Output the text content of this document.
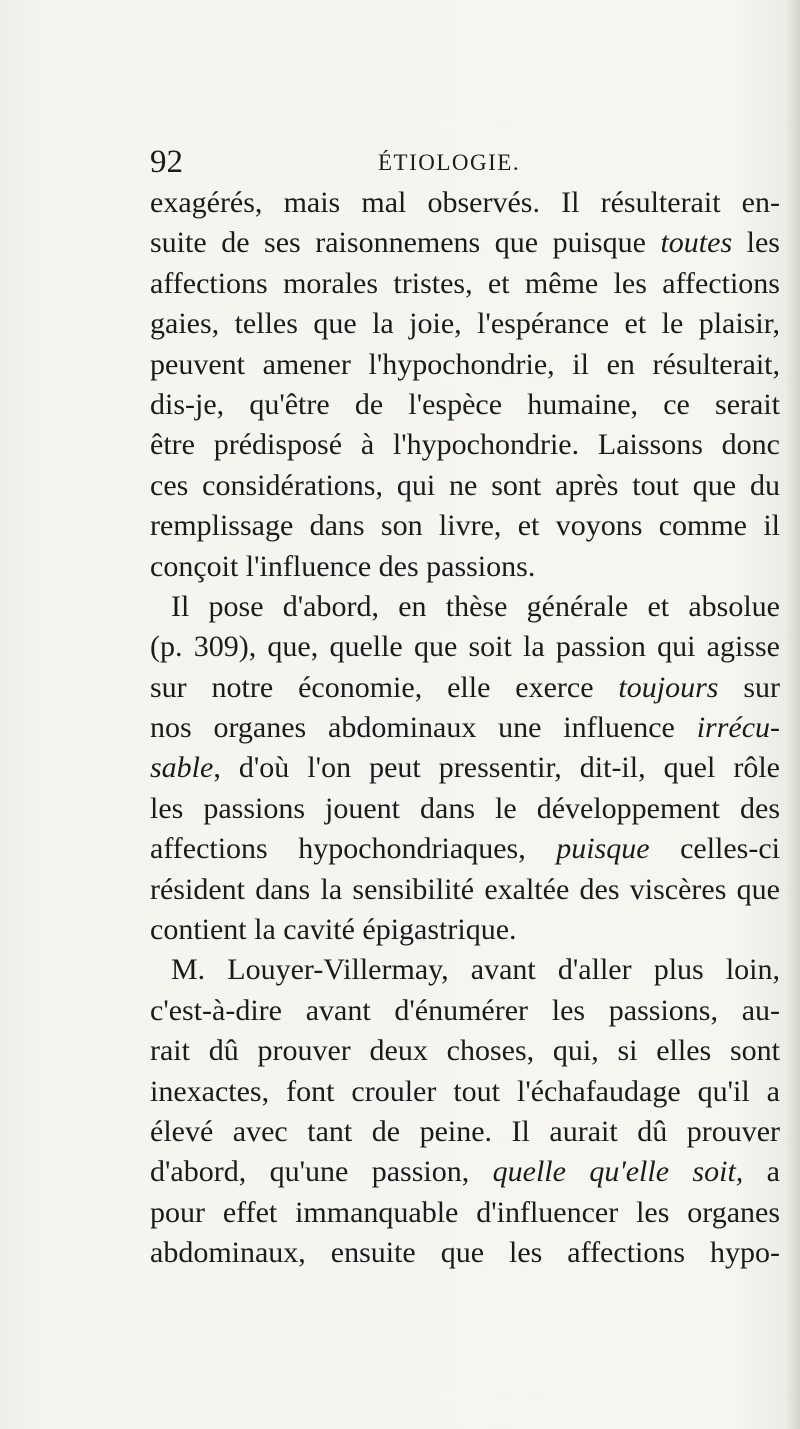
92	ÉTIOLOGIE.
exagérés, mais mal observés. Il résulterait en-
suite de ses raisonnemens que puisque toutes les
affections morales tristes, et même les affections
gaies, telles que la joie, l'espérance et le plaisir,
peuvent amener l'hypochondrie, il en résulterait,
dis-je, qu'être de l'espèce humaine, ce serait
être prédisposé à l'hypochondrie. Laissons donc
ces considérations, qui ne sont après tout que du
remplissage dans son livre, et voyons comme il
conçoit l'influence des passions.
Il pose d'abord, en thèse générale et absolue
(p. 309), que, quelle que soit la passion qui agisse
sur notre économie, elle exerce toujours sur
nos organes abdominaux une influence irrécu-
sable, d'où l'on peut pressentir, dit-il, quel rôle
les passions jouent dans le développement des
affections hypochondriaques, puisque celles-ci
résident dans la sensibilité exaltée des viscères que
contient la cavité épigastrique.
M. Louyer-Villermay, avant d'aller plus loin,
c'est-à-dire avant d'énumérer les passions, au-
rait dû prouver deux choses, qui, si elles sont
inexactes, font crouler tout l'échafaudage qu'il a
élevé avec tant de peine. Il aurait dû prouver
d'abord, qu'une passion, quelle qu'elle soit, a
pour effet immanquable d'influencer les organes
abdominaux, ensuite que les affections hypo-
